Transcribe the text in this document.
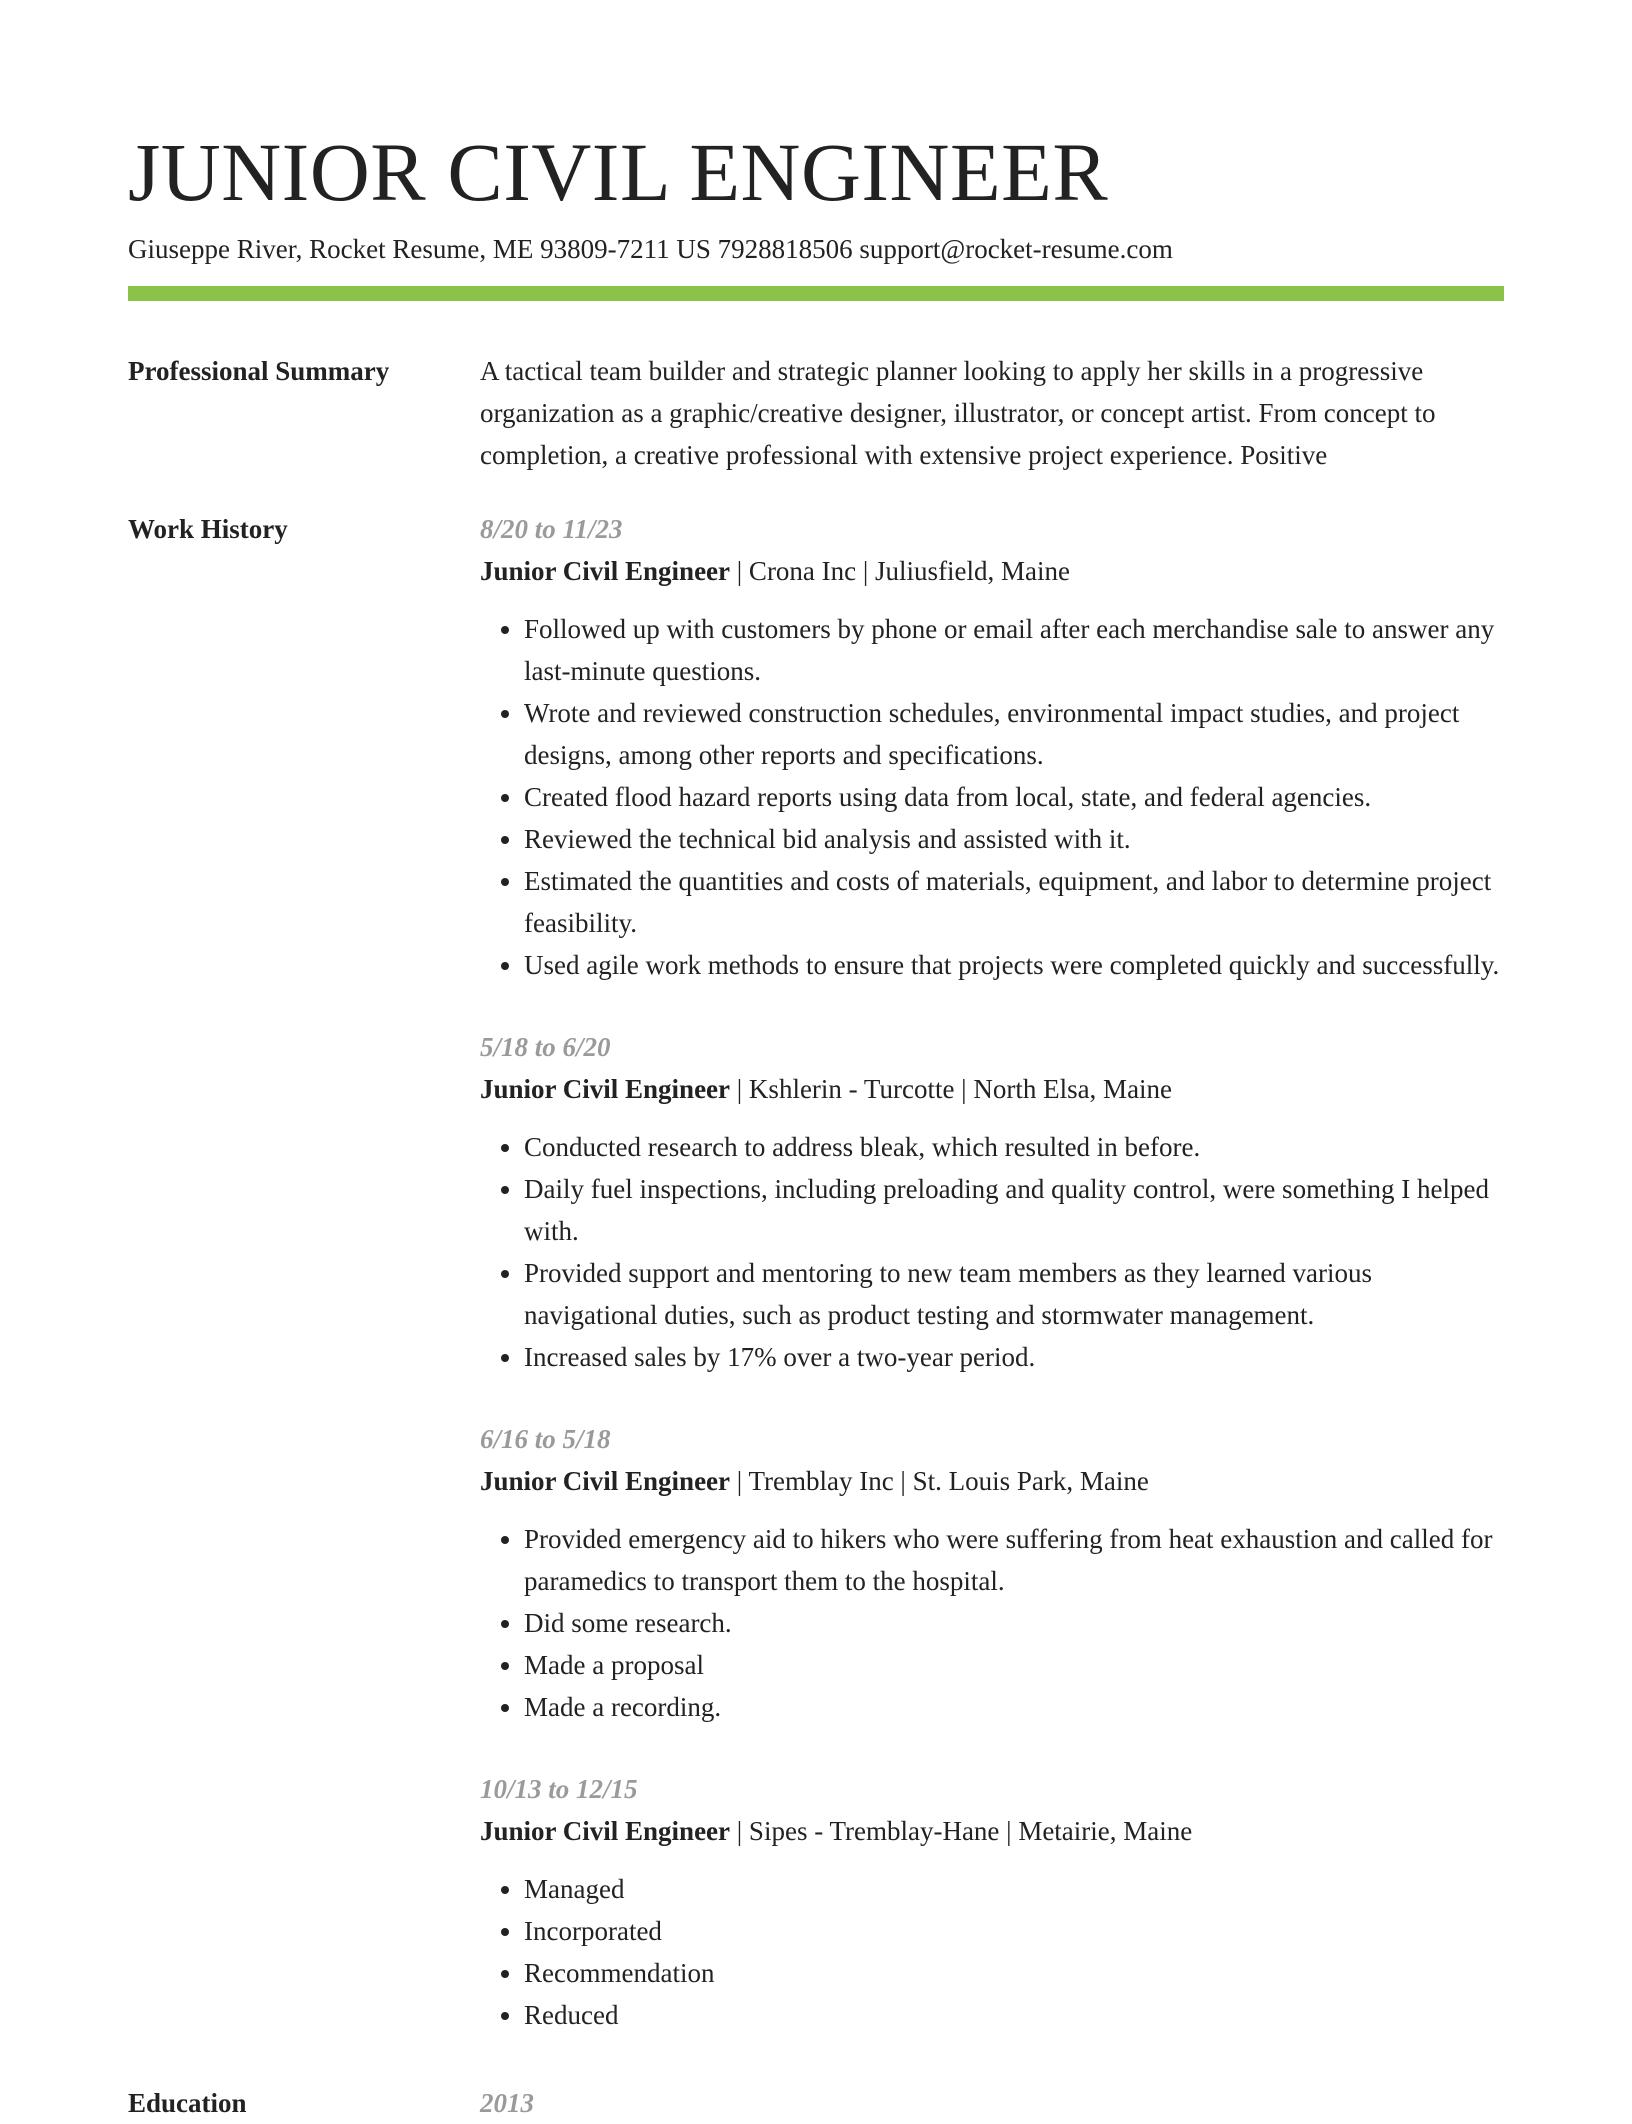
JUNIOR CIVIL ENGINEER
Giuseppe River, Rocket Resume, ME 93809-7211 US 7928818506 support@rocket-resume.com
Professional Summary	A tactical team builder and strategic planner looking to apply her skills in a progressive organization as a graphic/creative designer, illustrator, or concept artist. From concept to completion, a creative professional with extensive project experience. Positive

Work History	8/20 to 11/23
Junior Civil Engineer | Crona Inc | Juliusfield, Maine
• Followed up with customers by phone or email after each merchandise sale to answer any last-minute questions.
• Wrote and reviewed construction schedules, environmental impact studies, and project designs, among other reports and specifications.
• Created flood hazard reports using data from local, state, and federal agencies.
• Reviewed the technical bid analysis and assisted with it.
• Estimated the quantities and costs of materials, equipment, and labor to determine project feasibility.
• Used agile work methods to ensure that projects were completed quickly and successfully.
5/18 to 6/20
Junior Civil Engineer | Kshlerin - Turcotte | North Elsa, Maine
• Conducted research to address bleak, which resulted in before.
• Daily fuel inspections, including preloading and quality control, were something I helped with.
• Provided support and mentoring to new team members as they learned various navigational duties, such as product testing and stormwater management.
• Increased sales by 17% over a two-year period.
6/16 to 5/18
Junior Civil Engineer | Tremblay Inc | St. Louis Park, Maine
• Provided emergency aid to hikers who were suffering from heat exhaustion and called for paramedics to transport them to the hospital.
• Did some research.
• Made a proposal
• Made a recording.
10/13 to 12/15
Junior Civil Engineer | Sipes - Tremblay-Hane | Metairie, Maine
• Managed
• Incorporated
• Recommendation
• Reduced
Education	2013
